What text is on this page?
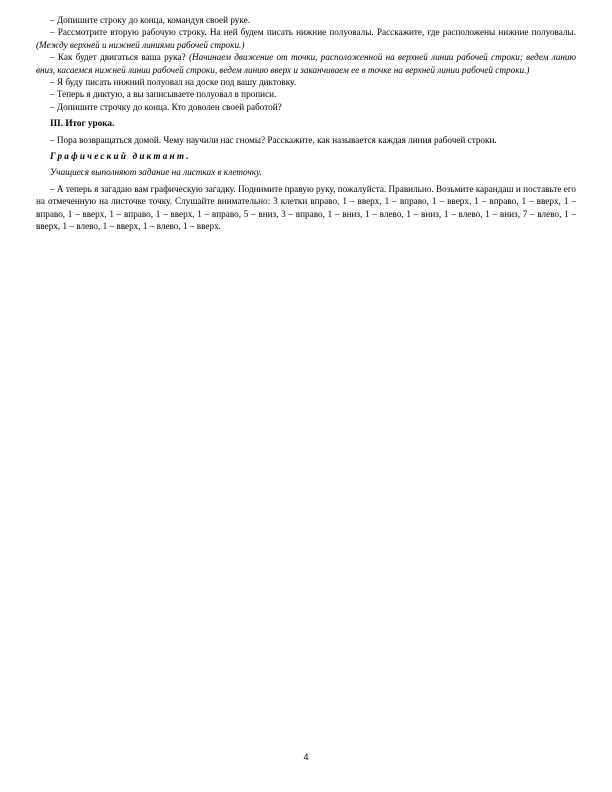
– Допишите строку до конца, командуя своей руке.

– Рассмотрите вторую рабочую строку. На ней будем писать нижние полуовалы. Расскажите, где расположены нижние полуовалы. (Между верхней и нижней линиями рабочей строки.)

– Как будет двигаться ваша рука? (Начинаем движение от точки, расположенной на верхней линии рабочей строки; ведем линию вниз, касаемся нижней линии рабочей строки, ведем линию вверх и заканчиваем ее в точке на верхней линии рабочей строки.)

– Я буду писать нижний полуовал на доске под вашу диктовку.

– Теперь я диктую, а вы записываете полуовал в прописи.

– Допишите строчку до конца. Кто доволен своей работой?

III. Итог урока.

– Пора возвращаться домой. Чему научили нас гномы? Расскажите, как называется каждая линия рабочей строки.

Графический диктант.

Учащиеся выполняют задание на листках в клеточку.

– А теперь я загадаю вам графическую загадку. Поднимите правую руку, пожалуйста. Правильно. Возьмите карандаш и поставьте его на отмеченную на листочке точку. Слушайте внимательно: 3 клетки вправо, 1 – вверх, 1 – вправо, 1 – вверх, 1 – вправо, 1 – вверх, 1 – вправо, 1 – вверх, 1 – вправо, 1 – вверх, 1 – вправо, 5 – вниз, 3 – вправо, 1 – вниз, 1 – влево, 1 – вниз, 1 – влево, 1 – вниз, 7 – влево, 1 – вверх, 1 – влево, 1 – вверх, 1 – влево, 1 – вверх.

4
